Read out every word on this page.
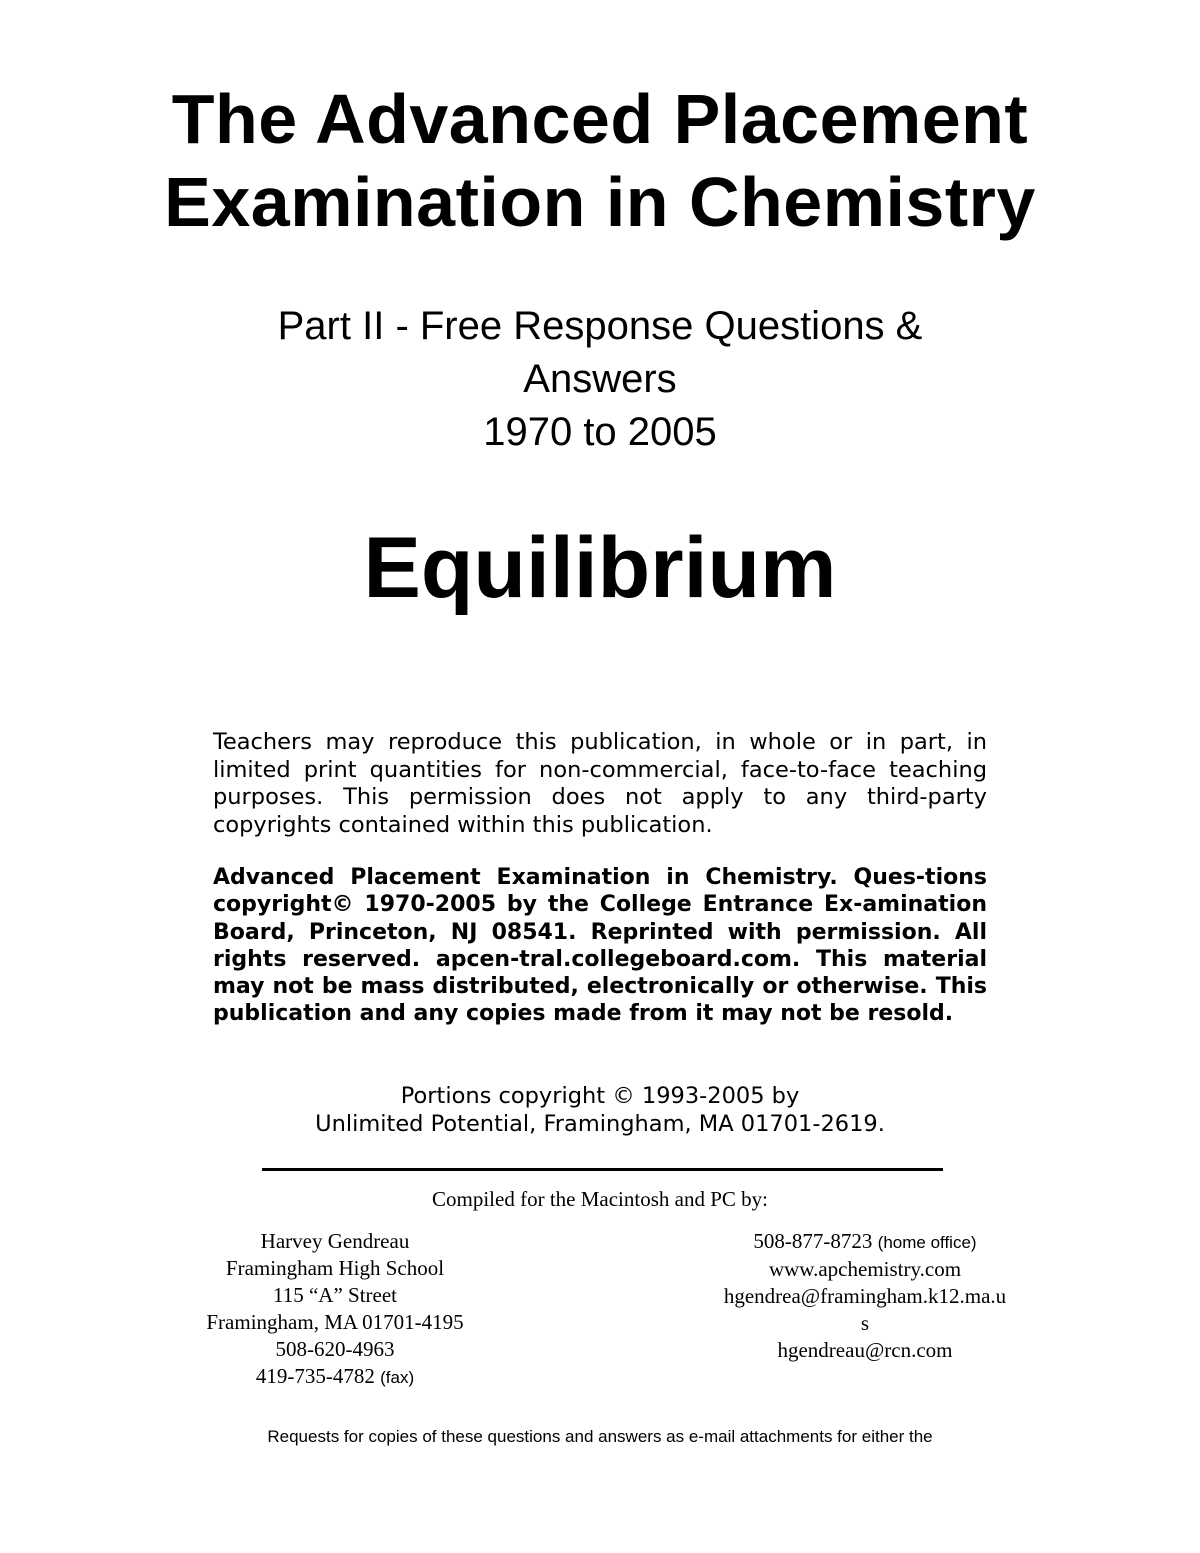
The Advanced Placement
Examination in Chemistry
Part II - Free Response Questions &
Answers
1970 to 2005
Equilibrium

Teachers may reproduce this publication, in whole or in part, in limited print quantities for non-commercial, face-to-face teaching purposes. This permission does not apply to any third-party copyrights contained within this publication.

Advanced Placement Examination in Chemistry. Ques-tions copyright© 1970-2005 by the College Entrance Ex-amination Board, Princeton, NJ 08541. Reprinted with permission. All rights reserved. apcen-tral.collegeboard.com. This material may not be mass distributed, electronically or otherwise. This publication and any copies made from it may not be resold.

Portions copyright © 1993-2005 by
Unlimited Potential, Framingham, MA 01701-2619.

Compiled for the Macintosh and PC by:

Harvey Gendreau
Framingham High School
115 “A” Street
Framingham, MA 01701-4195
508-620-4963
419-735-4782 (fax)
508-877-8723 (home office)
www.apchemistry.com
hgendrea@framingham.k12.ma.u
s
hgendreau@rcn.com

Requests for copies of these questions and answers as e-mail attachments for either the
